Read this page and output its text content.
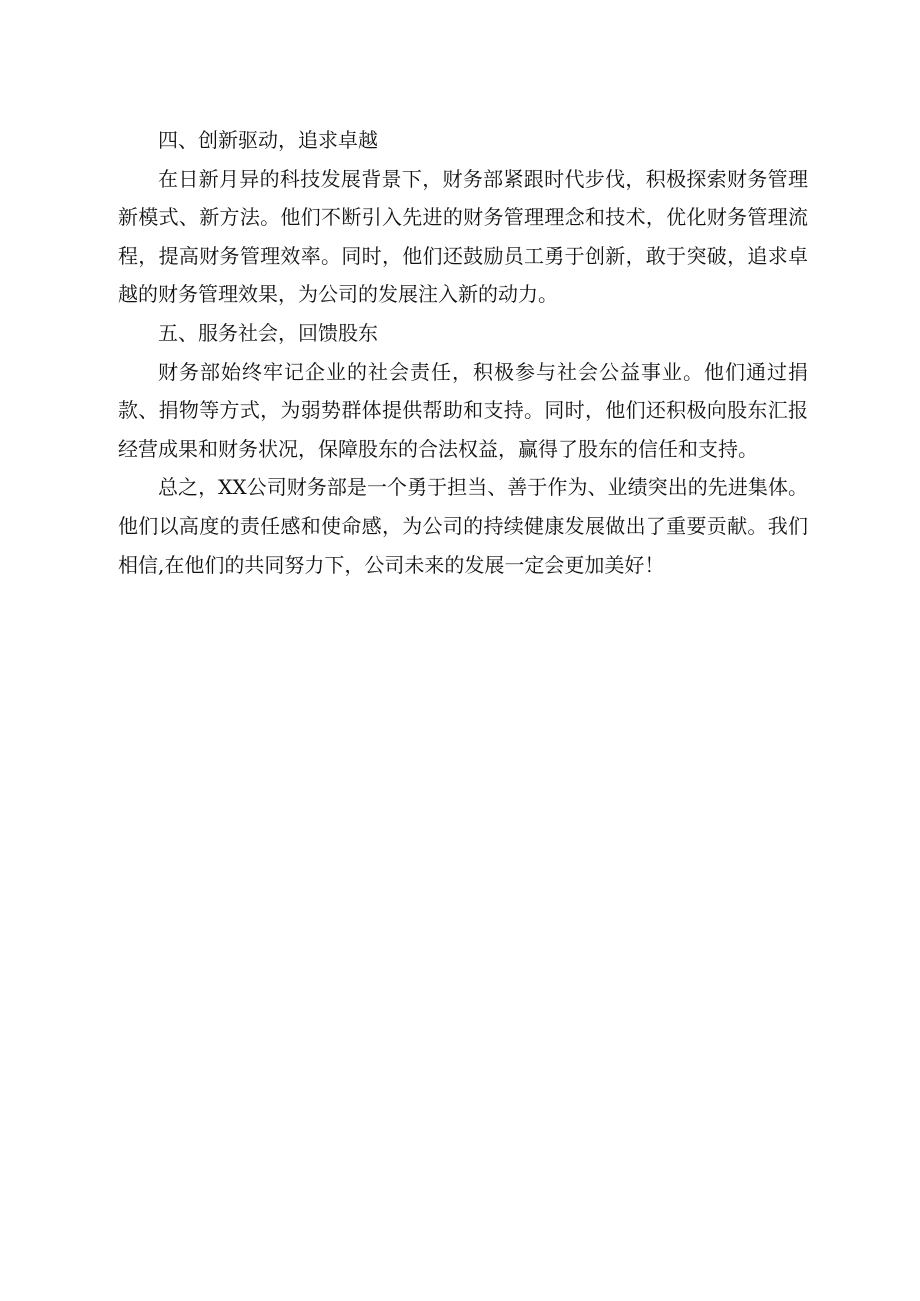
四、创新驱动，追求卓越

在日新月异的科技发展背景下，财务部紧跟时代步伐，积极探索财务管理新模式、新方法。他们不断引入先进的财务管理理念和技术，优化财务管理流程，提高财务管理效率。同时，他们还鼓励员工勇于创新，敢于突破，追求卓越的财务管理效果，为公司的发展注入新的动力。

五、服务社会，回馈股东

财务部始终牢记企业的社会责任，积极参与社会公益事业。他们通过捐款、捐物等方式，为弱势群体提供帮助和支持。同时，他们还积极向股东汇报经营成果和财务状况，保障股东的合法权益，赢得了股东的信任和支持。

总之，XX公司财务部是一个勇于担当、善于作为、业绩突出的先进集体。他们以高度的责任感和使命感，为公司的持续健康发展做出了重要贡献。我们相信,在他们的共同努力下，公司未来的发展一定会更加美好！
